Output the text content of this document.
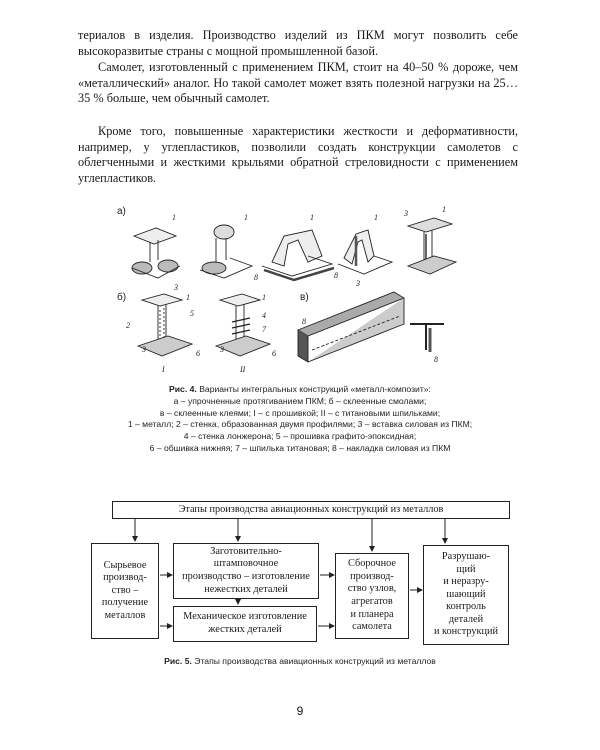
териалов в изделия. Производство изделий из ПКМ могут позволить себе высокоразвитые страны с мощной промышленной базой.

Самолет, изготовленный с применением ПКМ, стоит на 40–50 % дороже, чем «металлический» аналог. Но такой самолет может взять полезной нагрузки на 25…35 % больше, чем обычный самолет.

Кроме того, повышенные характеристики жесткости и деформативности, например, у углепластиков, позволили создать конструкции самолетов с облегченными и жесткими крыльями обратной стреловидности с применением углепластиков.

а)
б)	в)
1	1	1	1
1
3
3
8	8
3
1
2
5
3	6
I
1
4
7
3	6
II
8
8
Рис. 4. Варианты интегральных конструкций «металл-композит»:
а – упрочненные протягиванием ПКМ; б – склеенные смолами;
в – склеенные клеями; I – с прошивкой; II – с титановыми шпильками;
1 – металл; 2 – стенка, образованная двумя профилями; 3 – вставка силовая из ПКМ;
4 – стенка лонжерона; 5 – прошивка графито-эпоксидная;
6 – обшивка нижняя; 7 – шпилька титановая; 8 – накладка силовая из ПКМ
Этапы производства авиационных конструкций из металлов
Сырьевое
производ-
ство –
получение
металлов
Заготовительно-штамповочное
производство – изготовление
нежестких деталей
Механическое изготовление
жестких деталей
Сборочное
производ-
ство узлов,
агрегатов
и планера
самолета
Разрушаю-
щий
и неразру-
шающий
контроль
деталей
и конструкций
Рис. 5. Этапы производства авиационных конструкций из металлов
9
